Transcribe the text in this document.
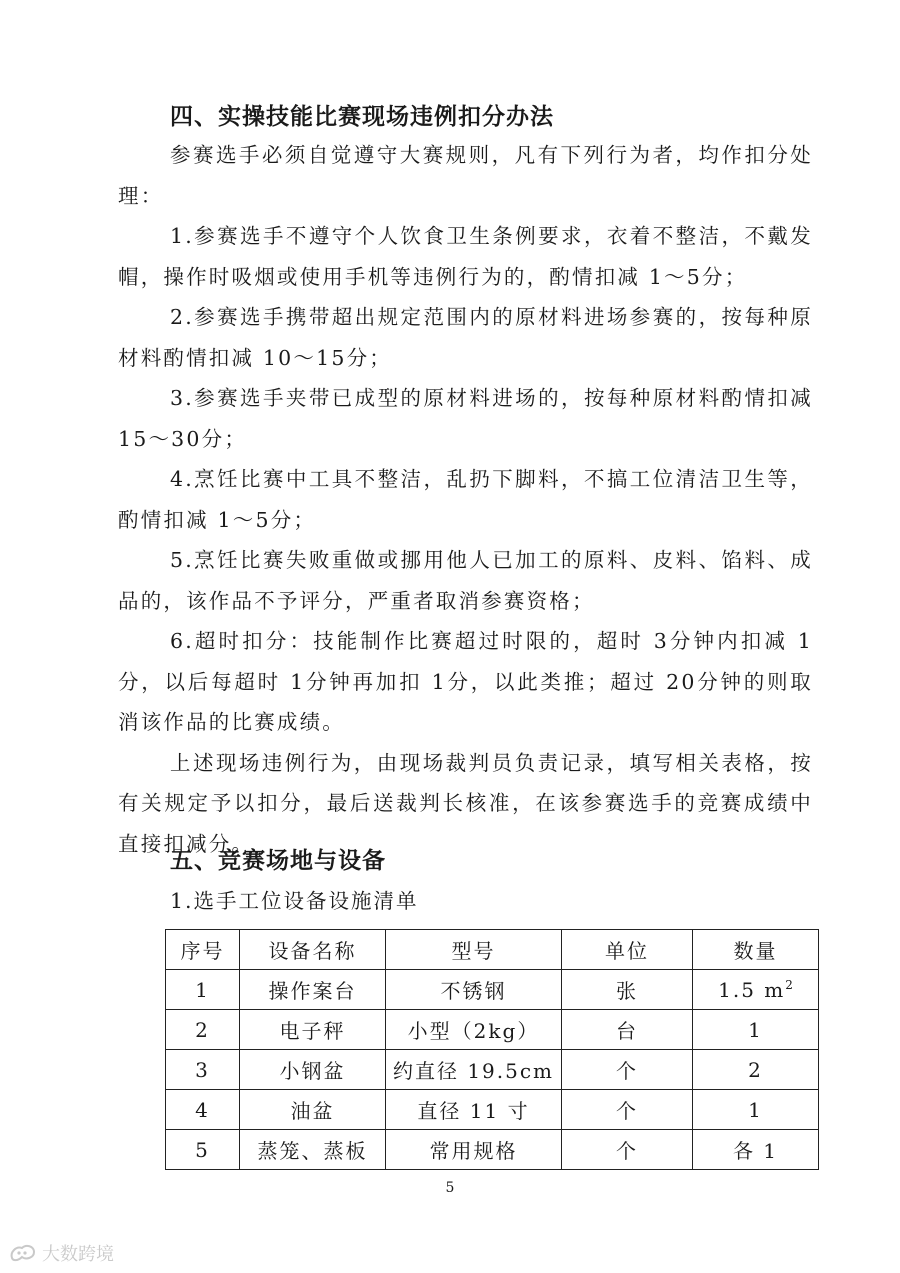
四、实操技能比赛现场违例扣分办法

参赛选手必须自觉遵守大赛规则，凡有下列行为者，均作扣分处理：

1.参赛选手不遵守个人饮食卫生条例要求，衣着不整洁，不戴发帽，操作时吸烟或使用手机等违例行为的，酌情扣减 1～5分；

2.参赛选手携带超出规定范围内的原材料进场参赛的，按每种原材料酌情扣减 10～15分；

3.参赛选手夹带已成型的原材料进场的，按每种原材料酌情扣减 15～30分；

4.烹饪比赛中工具不整洁，乱扔下脚料，不搞工位清洁卫生等，酌情扣减 1～5分；

5.烹饪比赛失败重做或挪用他人已加工的原料、皮料、馅料、成品的，该作品不予评分，严重者取消参赛资格；

6.超时扣分：技能制作比赛超过时限的，超时 3分钟内扣减 1分，以后每超时 1分钟再加扣 1分，以此类推；超过 20分钟的则取消该作品的比赛成绩。

上述现场违例行为，由现场裁判员负责记录，填写相关表格，按有关规定予以扣分，最后送裁判长核准，在该参赛选手的竞赛成绩中直接扣减分。

五、竞赛场地与设备

1.选手工位设备设施清单

序号	设备名称	型号	单位	数量
1	操作案台	不锈钢	张	1.5 $m^2$
2	电子秤	小型（2kg）	台	1
3	小钢盆	约直径 19.5cm	个	2
4	油盆	直径 11 寸	个	1
5	蒸笼、蒸板	常用规格	个	各 1
5
大数跨境
